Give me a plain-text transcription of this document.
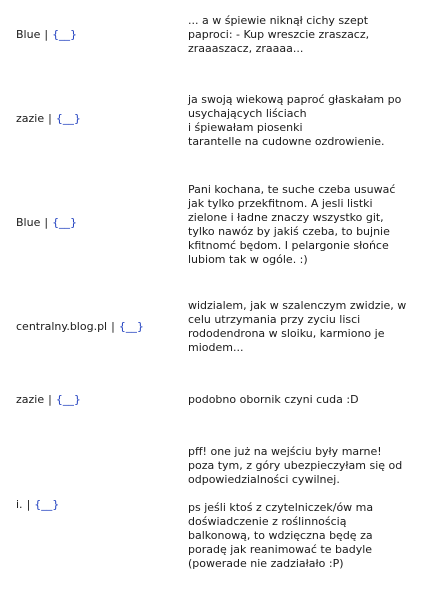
Blue | {__}
... a w śpiewie niknął cichy szept
paproci: - Kup wreszcie zraszacz,
zraaaszacz, zraaaa...
zazie | {__}
ja swoją wiekową paproć głaskałam po
usychających liściach
i śpiewałam piosenki
tarantelle na cudowne ozdrowienie.
Blue | {__}
Pani kochana, te suche czeba usuwać
jak tylko przekfitnom. A jesli listki
zielone i ładne znaczy wszystko git,
tylko nawóz by jakiś czeba, to bujnie
kfitnomć będom. I pelargonie słońce
lubiom tak w ogóle. :)
centralny.blog.pl | {__}
widzialem, jak w szalenczym zwidzie, w
celu utrzymania przy zyciu lisci
rododendrona w sloiku, karmiono je
miodem...
zazie | {__}	podobno obornik czyni cuda :D
i. | {__}
pff! one już na wejściu były marne!
poza tym, z góry ubezpieczyłam się od
odpowiedzialności cywilnej.

ps jeśli ktoś z czytelniczek/ów ma
doświadczenie z roślinnością
balkonową, to wdzięczna będę za
poradę jak reanimować te badyle
(powerade nie zadziałało :P)
